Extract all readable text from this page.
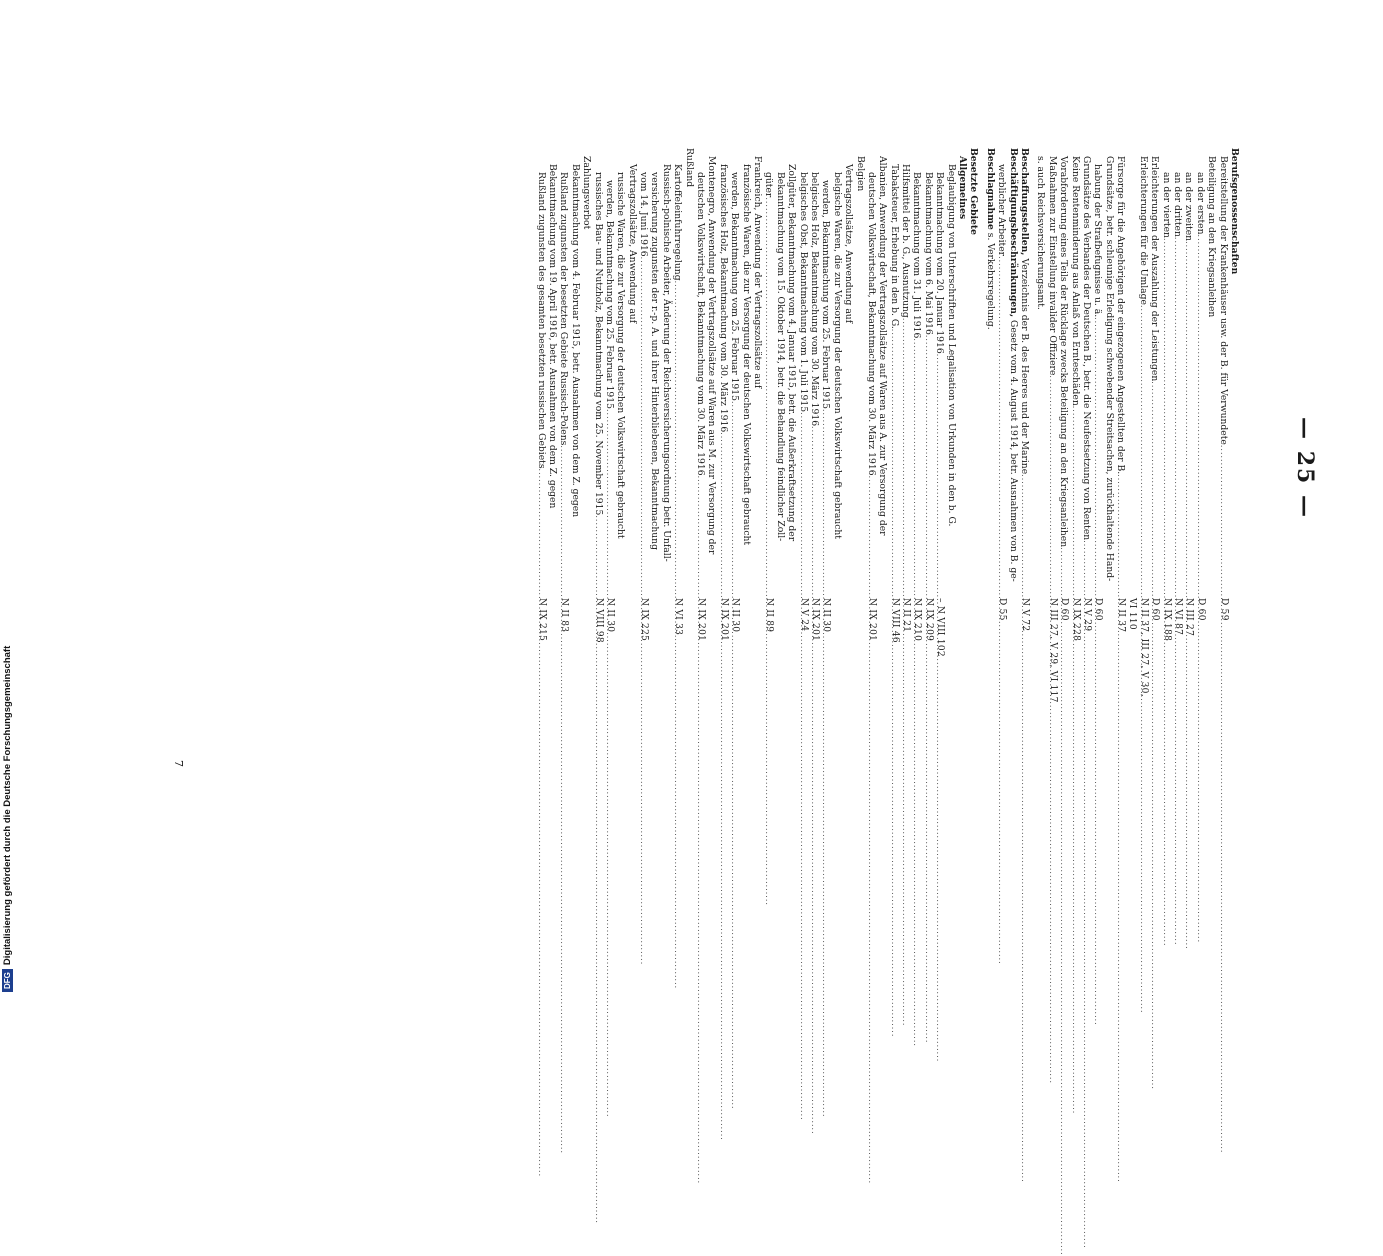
— 25 —
Berufsgenossenschaften
Bereitstellung der Krankenhäuser usw. der B. für Verwundete
.....
D 59
Beteiligung an den Kriegsanleihen
an der ersten
.....
D 60
an der zweiten
.....
N III 27
an der dritten
.....
N VI 87
an der vierten
.....
N IX 188
Erleichterungen der Auszahlung der Leistungen
.....
D 60
Erleichterungen für die Umlage
.....
N II 37, III 27, V 30,
VI 110
Fürsorge für die Angehörigen der eingezogenen Angestellten der B.
.....
N II 37
Grundsätze, betr. schleunige Erledigung schwebender Streitsachen, zurückhaltende Hand-
habung der Strafbefugnisse u. ä.
.....
D 60
Grundsätze des Verbandes der Deutschen B., betr. die Neufestsetzung von Renten
.....
N V 29
Keine Rentenminderung aus Anlaß von Ernteschäden
.....
N IX 228
Vorabforderung eines Teils der Rücklage zwecks Beteiligung an den Kriegsanleihen
.....
D 60
Maßnahmen zur Einstellung invalider Offiziere
.....
N III 27, V 29, VI 117
s. auch Reichsversicherungsamt.
Beschaffungsstellen, Verzeichnis der B. des Heeres und der Marine
.....
N V 72
Beschäftigungsbeschränkungen, Gesetz vom 4. August 1914, betr. Ausnahmen von B. ge-
werblicher Arbeiter
.....
D 55
Beschlagnahme s. Verkehrsregelung.
Besetzte Gebiete
Allgemeines
Beglaubigung von Unterschriften und Legalisation von Urkunden in den b. G.
Bekanntmachung vom 20. Januar 1916
.....
– N VIII 102
Bekanntmachung vom 6. Mai 1916
.....
N IX 209
Bekanntmachung vom 31. Juli 1916
.....
N IX 210
Hilfsmittel der b. G., Ausnutzung
.....
N II 21
Tabaksteuer, Erhebung in den b. G.
.....
N VIII 46
Albanien, Anwendung der Vertragszollsätze auf Waren aus A. zur Versorgung der
deutschen Volkswirtschaft, Bekanntmachung vom 30. März 1916
.....
N IX 201
Belgien
Vertragszollsätze, Anwendung auf
belgische Waren, die zur Versorgung der deutschen Volkswirtschaft gebraucht
werden, Bekanntmachung vom 25. Februar 1915
.....
N II 30
belgisches Holz, Bekanntmachung vom 30. März 1916
.....
N IX 201
belgisches Obst, Bekanntmachung vom 1. Juli 1915
.....
N V 24
Zollgüter, Bekanntmachung vom 4. Januar 1915, betr. die Außerkraftsetzung der
Bekanntmachung vom 15. Oktober 1914, betr. die Behandlung feindlicher Zoll-
güter
.....
N II 89
Frankreich, Anwendung der Vertragszollsätze auf
französische Waren, die zur Versorgung der deutschen Volkswirtschaft gebraucht
werden, Bekanntmachung vom 25. Februar 1915
.....
N II 30
französisches Holz, Bekanntmachung vom 30. März 1916
.....
N IX 201
Montenegro, Anwendung der Vertragszollsätze auf Waren aus M. zur Versorgung der
deutschen Volkswirtschaft, Bekanntmachung vom 30. März 1916
.....
N IX 201
Rußland
Kartoffeleinfuhrregelung
.....
N VI 33
Russisch-polnische Arbeiter, Änderung der Reichsversicherungsordnung betr. Unfall-
versicherung zugunsten der r.-p. A. und ihrer Hinterbliebenen, Bekanntmachung
vom 14. Juni 1916
.....
N IX 225
Vertragszollsätze, Anwendung auf
russische Waren, die zur Versorgung der deutschen Volkswirtschaft gebraucht
werden, Bekanntmachung vom 25. Februar 1915
.....
N II 30
russisches Bau- und Nutzholz, Bekanntmachung vom 25. November 1915
.....
N VIII 98
Zahlungsverbot
Bekanntmachung vom 4. Februar 1915, betr. Ausnahmen von dem Z. gegen
Rußland zugunsten der besetzten Gebiete Russisch-Polens
.....
N II 83
Bekanntmachung vom 19. April 1916, betr. Ausnahmen von dem Z. gegen
Rußland zugunsten des gesamten besetzten russischen Gebiets
.....
N IX 215
7
DFG
Digitalisierung gefördert durch die Deutsche Forschungsgemeinschaft
